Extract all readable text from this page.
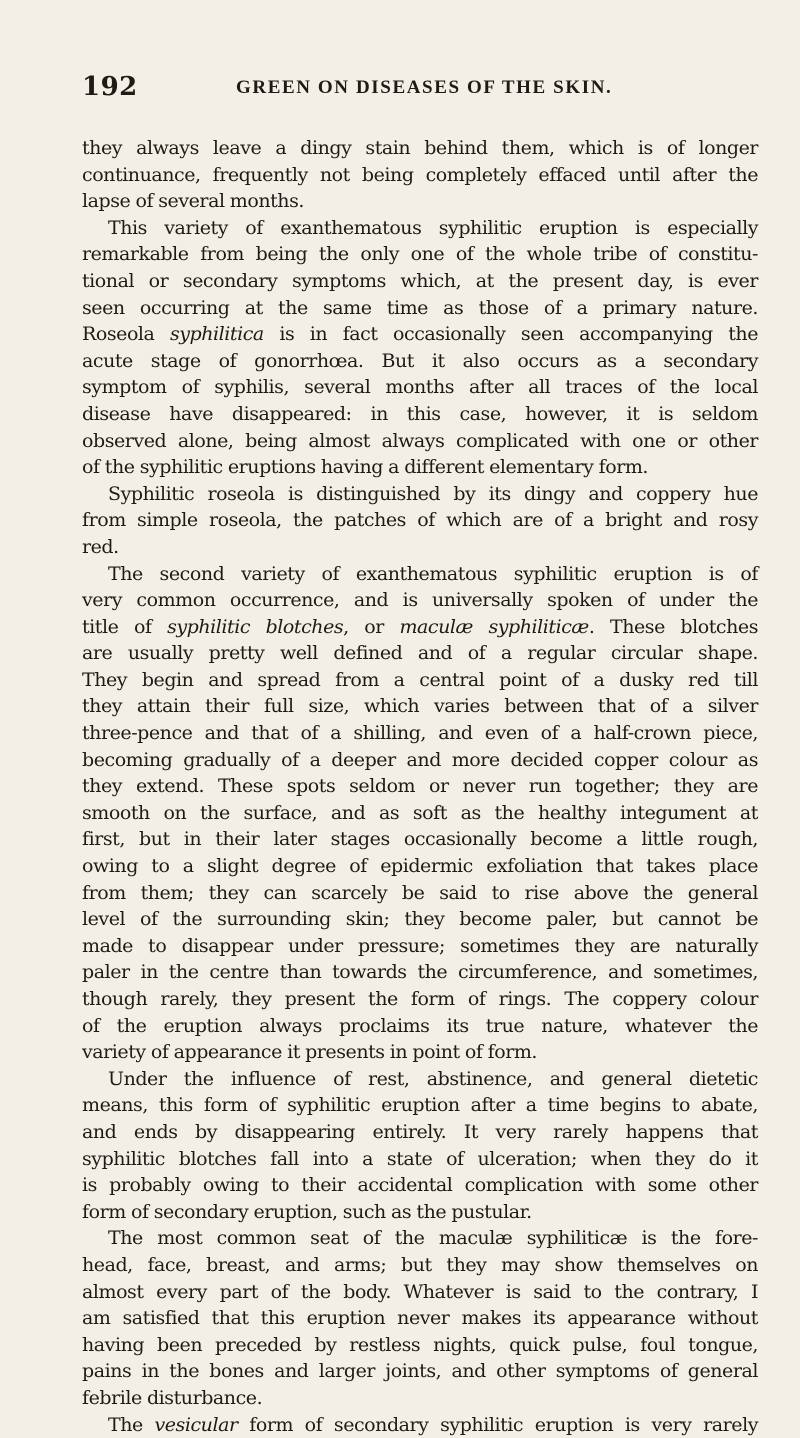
192	GREEN ON DISEASES OF THE SKIN.
they always leave a dingy stain behind them, which is of longer
continuance, frequently not being completely effaced until after the
lapse of several months.
This variety of exanthematous syphilitic eruption is especially
remarkable from being the only one of the whole tribe of constitu-
tional or secondary symptoms which, at the present day, is ever
seen occurring at the same time as those of a primary nature.
Roseola syphilitica is in fact occasionally seen accompanying the
acute stage of gonorrhœa. But it also occurs as a secondary
symptom of syphilis, several months after all traces of the local
disease have disappeared: in this case, however, it is seldom
observed alone, being almost always complicated with one or other
of the syphilitic eruptions having a different elementary form.
Syphilitic roseola is distinguished by its dingy and coppery hue
from simple roseola, the patches of which are of a bright and rosy
red.
The second variety of exanthematous syphilitic eruption is of
very common occurrence, and is universally spoken of under the
title of syphilitic blotches, or maculæ syphiliticæ. These blotches
are usually pretty well defined and of a regular circular shape.
They begin and spread from a central point of a dusky red till
they attain their full size, which varies between that of a silver
three-pence and that of a shilling, and even of a half-crown piece,
becoming gradually of a deeper and more decided copper colour as
they extend. These spots seldom or never run together; they are
smooth on the surface, and as soft as the healthy integument at
first, but in their later stages occasionally become a little rough,
owing to a slight degree of epidermic exfoliation that takes place
from them; they can scarcely be said to rise above the general
level of the surrounding skin; they become paler, but cannot be
made to disappear under pressure; sometimes they are naturally
paler in the centre than towards the circumference, and sometimes,
though rarely, they present the form of rings. The coppery colour
of the eruption always proclaims its true nature, whatever the
variety of appearance it presents in point of form.
Under the influence of rest, abstinence, and general dietetic
means, this form of syphilitic eruption after a time begins to abate,
and ends by disappearing entirely. It very rarely happens that
syphilitic blotches fall into a state of ulceration; when they do it
is probably owing to their accidental complication with some other
form of secondary eruption, such as the pustular.
The most common seat of the maculæ syphiliticæ is the fore-
head, face, breast, and arms; but they may show themselves on
almost every part of the body. Whatever is said to the contrary, I
am satisfied that this eruption never makes its appearance without
having been preceded by restless nights, quick pulse, foul tongue,
pains in the bones and larger joints, and other symptoms of general
febrile disturbance.
The vesicular form of secondary syphilitic eruption is very rarely
